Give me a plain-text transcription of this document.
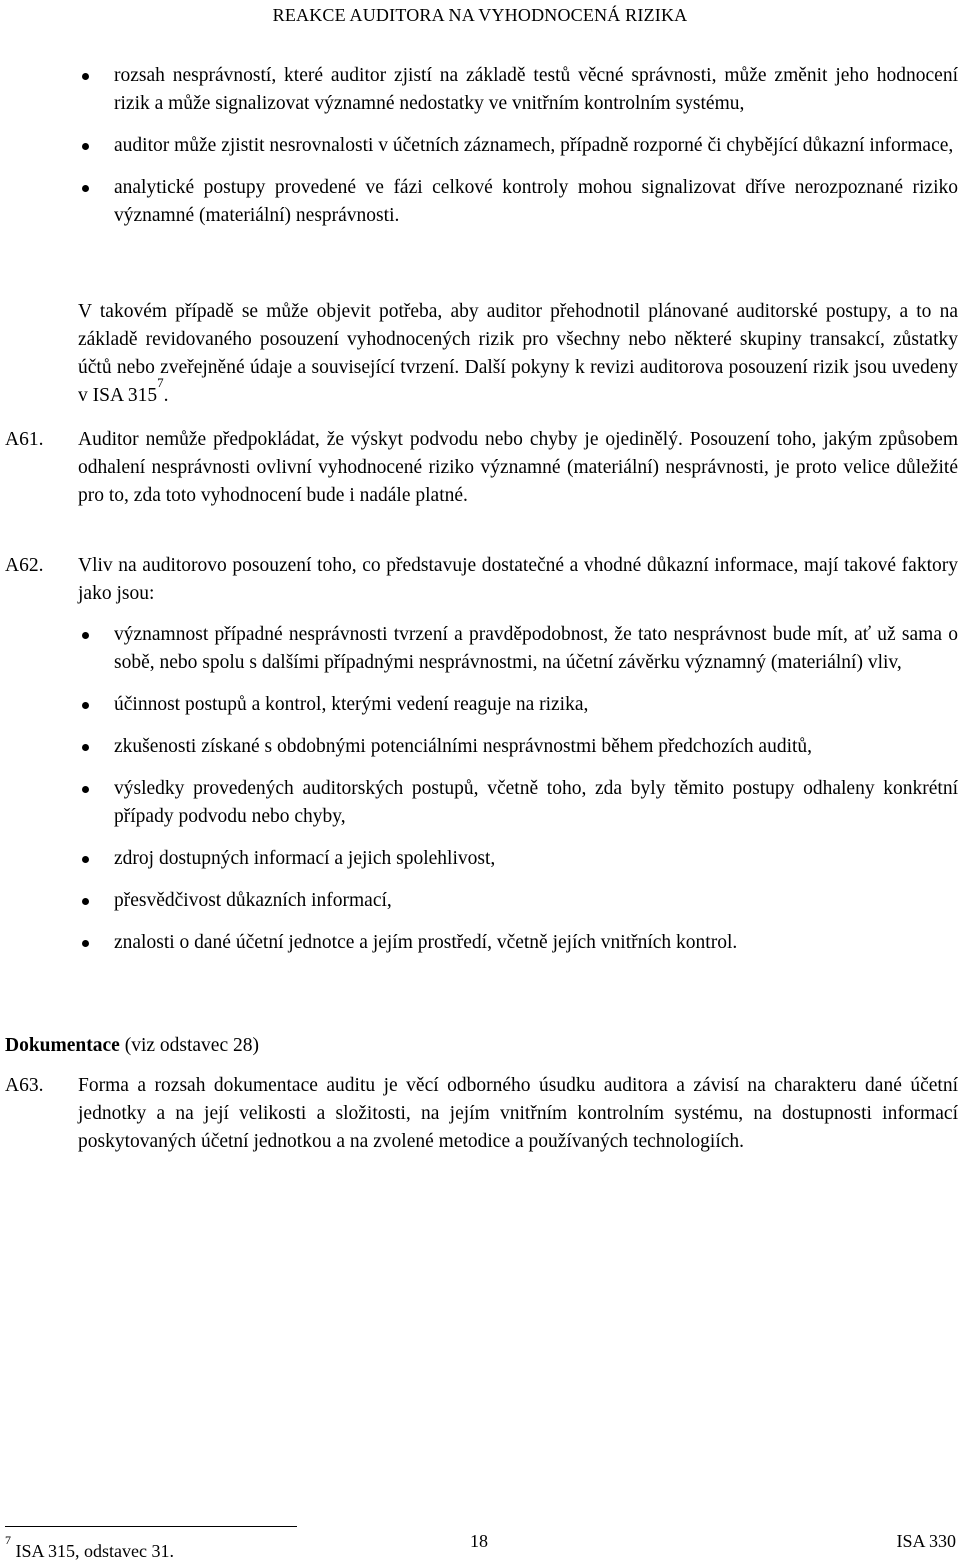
REAKCE AUDITORA NA VYHODNOCENÁ RIZIKA
rozsah nesprávností, které auditor zjistí na základě testů věcné správnosti, může změnit jeho hodnocení rizik a může signalizovat významné nedostatky ve vnitřním kontrolním systému,
auditor může zjistit nesrovnalosti v účetních záznamech, případně rozporné či chybějící důkazní informace,
analytické postupy provedené ve fázi celkové kontroly mohou signalizovat dříve nerozpoznané riziko významné (materiální) nesprávnosti.
V takovém případě se může objevit potřeba, aby auditor přehodnotil plánované auditorské postupy, a to na základě revidovaného posouzení vyhodnocených rizik pro všechny nebo některé skupiny transakcí, zůstatky účtů nebo zveřejněné údaje a související tvrzení. Další pokyny k revizi auditorova posouzení rizik jsou uvedeny v ISA 315$^7$.
A61. Auditor nemůže předpokládat, že výskyt podvodu nebo chyby je ojedinělý. Posouzení toho, jakým způsobem odhalení nesprávnosti ovlivní vyhodnocené riziko významné (materiální) nesprávnosti, je proto velice důležité pro to, zda toto vyhodnocení bude i nadále platné.
A62. Vliv na auditorovo posouzení toho, co představuje dostatečné a vhodné důkazní informace, mají takové faktory jako jsou:
významnost případné nesprávnosti tvrzení a pravděpodobnost, že tato nesprávnost bude mít, ať už sama o sobě, nebo spolu s dalšími případnými nesprávnostmi, na účetní závěrku významný (materiální) vliv,
účinnost postupů a kontrol, kterými vedení reaguje na rizika,
zkušenosti získané s obdobnými potenciálními nesprávnostmi během předchozích auditů,
výsledky provedených auditorských postupů, včetně toho, zda byly těmito postupy odhaleny konkrétní případy podvodu nebo chyby,
zdroj dostupných informací a jejich spolehlivost,
přesvědčivost důkazních informací,
znalosti o dané účetní jednotce a jejím prostředí, včetně jejích vnitřních kontrol.
Dokumentace (viz odstavec 28)
A63. Forma a rozsah dokumentace auditu je věcí odborného úsudku auditora a závisí na charakteru dané účetní jednotky a na její velikosti a složitosti, na jejím vnitřním kontrolním systému, na dostupnosti informací poskytovaných účetní jednotkou a na zvolené metodice a používaných technologiích.
$^7$ ISA 315, odstavec 31.	18	ISA 330
